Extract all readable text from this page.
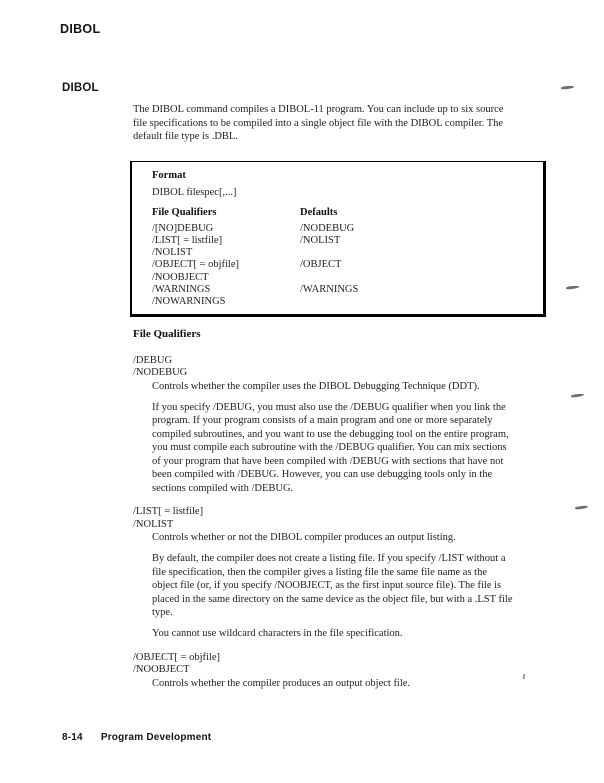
DIBOL
DIBOL

The DIBOL command compiles a DIBOL-11 program. You can include up to six source file specifications to be compiled into a single object file with the DIBOL compiler. The default file type is .DBL.

Format
DIBOL filespec[,...]
File Qualifiers	Defaults
/[NO]DEBUG	/NODEBUG
/LIST[ = listfile]	/NOLIST
/NOLIST
/OBJECT[ = objfile]	/OBJECT
/NOOBJECT
/WARNINGS	/WARNINGS
/NOWARNINGS
File Qualifiers
/DEBUG
/NODEBUG

Controls whether the compiler uses the DIBOL Debugging Technique (DDT).

If you specify /DEBUG, you must also use the /DEBUG qualifier when you link the program. If your program consists of a main program and one or more separately compiled subroutines, and you want to use the debugging tool on the entire program, you must compile each subroutine with the /DEBUG qualifier. You can mix sections of your program that have been compiled with /DEBUG with sections that have not been compiled with /DEBUG. However, you can use debugging tools only in the sections compiled with /DEBUG.

/LIST[ = listfile]
/NOLIST

Controls whether or not the DIBOL compiler produces an output listing.

By default, the compiler does not create a listing file. If you specify /LIST without a file specification, then the compiler gives a listing file the same file name as the object file (or, if you specify /NOOBJECT, as the first input source file). The file is placed in the same directory on the same device as the object file, but with a .LST file type.

You cannot use wildcard characters in the file specification.

/OBJECT[ = objfile]
/NOOBJECT

Controls whether the compiler produces an output object file.

8-14 Program Development
